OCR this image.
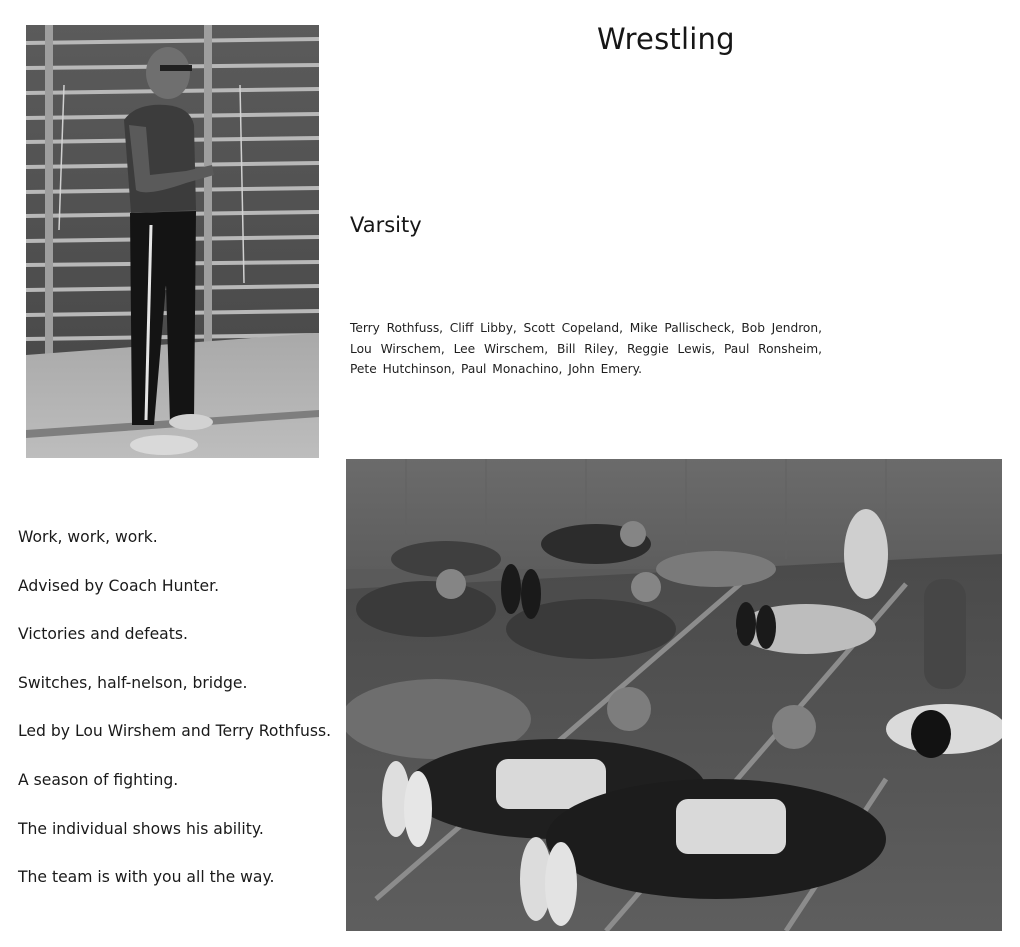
Wrestling
Varsity

Terry Rothfuss, Cliff Libby, Scott Copeland, Mike Pallischeck, Bob Jendron, Lou Wirschem, Lee Wirschem, Bill Riley, Reggie Lewis, Paul Ronsheim, Pete Hutchinson, Paul Monachino, John Emery.

Work, work, work.
Advised by Coach Hunter.
Victories and defeats.
Switches, half-nelson, bridge.
Led by Lou Wirshem and Terry Rothfuss.
A season of fighting.
The individual shows his ability.
The team is with you all the way.
